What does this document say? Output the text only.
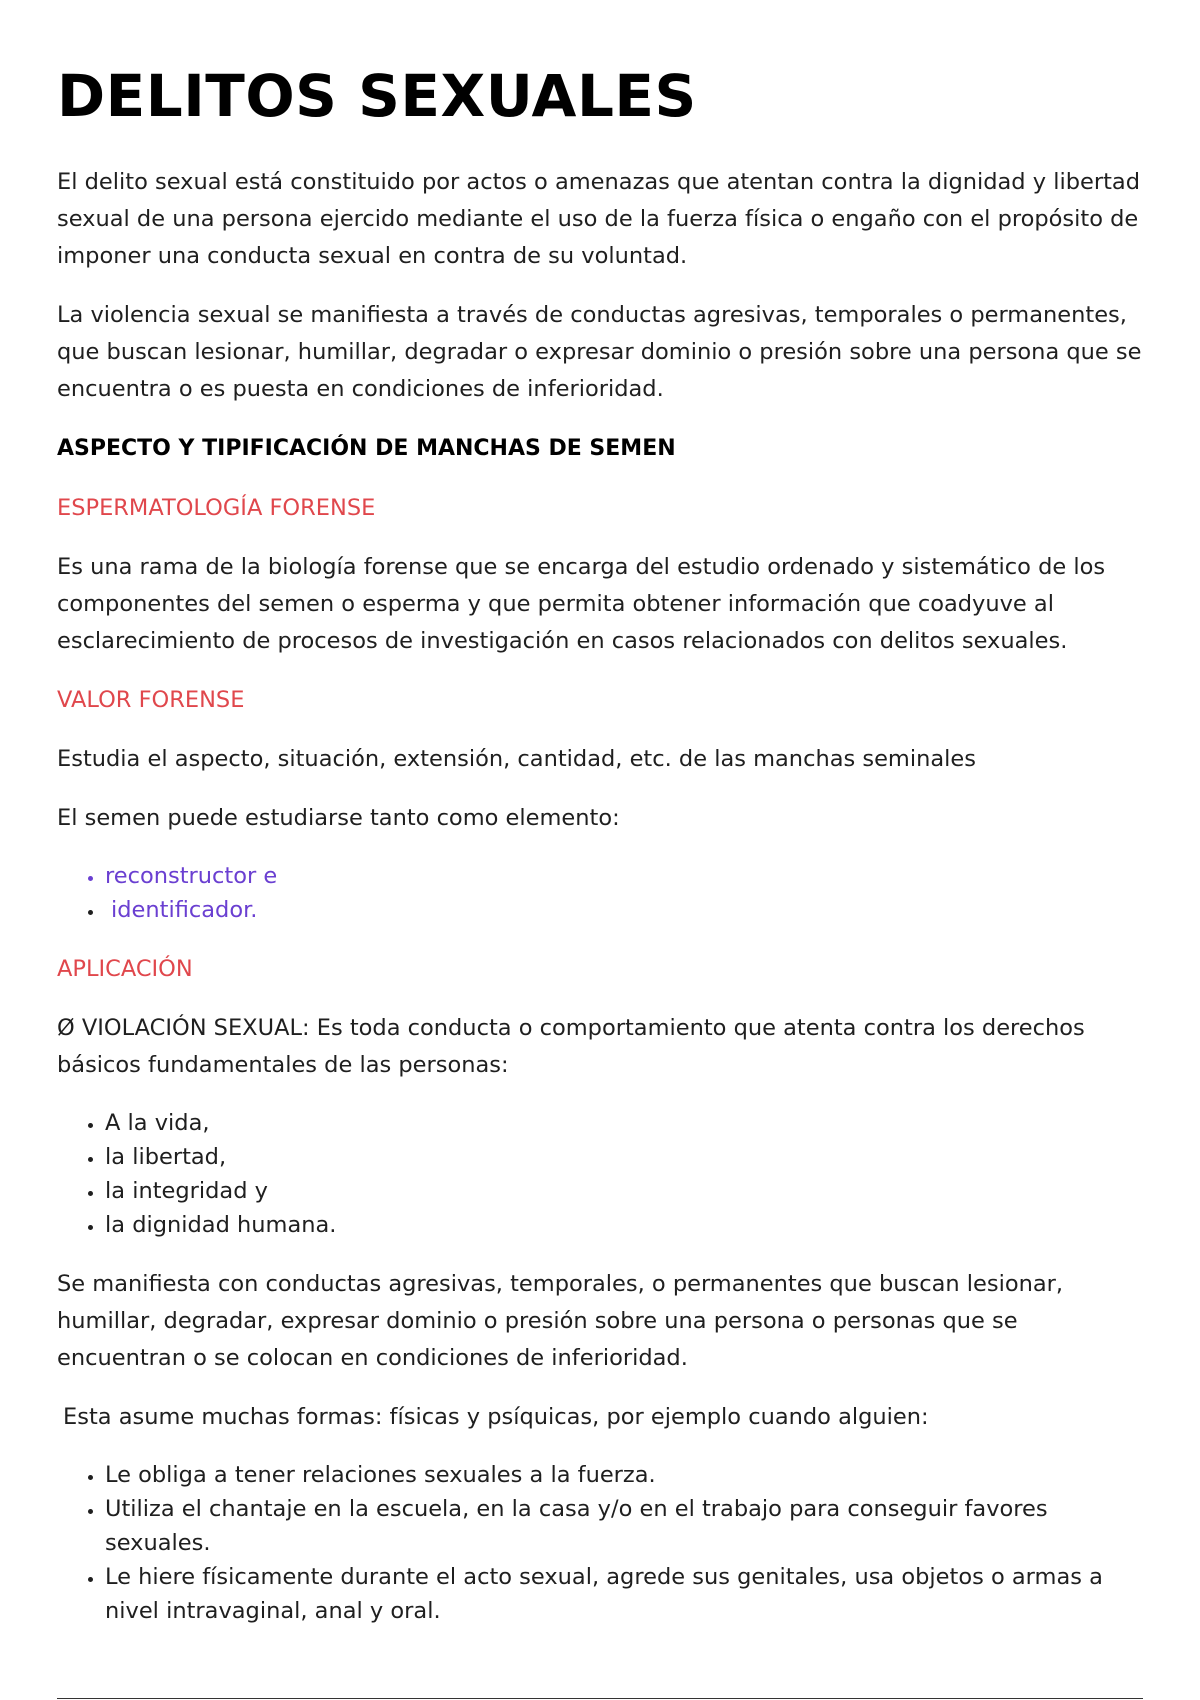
DELITOS SEXUALES

El delito sexual está constituido por actos o amenazas que atentan contra la dignidad y libertad sexual de una persona ejercido mediante el uso de la fuerza física o engaño con el propósito de imponer una conducta sexual en contra de su voluntad.

La violencia sexual se manifiesta a través de conductas agresivas, temporales o permanentes, que buscan lesionar, humillar, degradar o expresar dominio o presión sobre una persona que se encuentra o es puesta en condiciones de inferioridad.

ASPECTO Y TIPIFICACIÓN DE MANCHAS DE SEMEN

ESPERMATOLOGÍA FORENSE

Es una rama de la biología forense que se encarga del estudio ordenado y sistemático de los componentes del semen o esperma y que permita obtener información que coadyuve al esclarecimiento de procesos de investigación en casos relacionados con delitos sexuales.

VALOR FORENSE

Estudia el aspecto, situación, extensión, cantidad, etc. de las manchas seminales

El semen puede estudiarse tanto como elemento:

• reconstructor e
• identificador.

APLICACIÓN

Ø VIOLACIÓN SEXUAL: Es toda conducta o comportamiento que atenta contra los derechos básicos fundamentales de las personas:

• A la vida,
• la libertad,
• la integridad y
• la dignidad humana.

Se manifiesta con conductas agresivas, temporales, o permanentes que buscan lesionar, humillar, degradar, expresar dominio o presión sobre una persona o personas que se encuentran o se colocan en condiciones de inferioridad.

Esta asume muchas formas: físicas y psíquicas, por ejemplo cuando alguien:

• Le obliga a tener relaciones sexuales a la fuerza.
• Utiliza el chantaje en la escuela, en la casa y/o en el trabajo para conseguir favores sexuales.
• Le hiere físicamente durante el acto sexual, agrede sus genitales, usa objetos o armas a nivel intravaginal, anal y oral.
